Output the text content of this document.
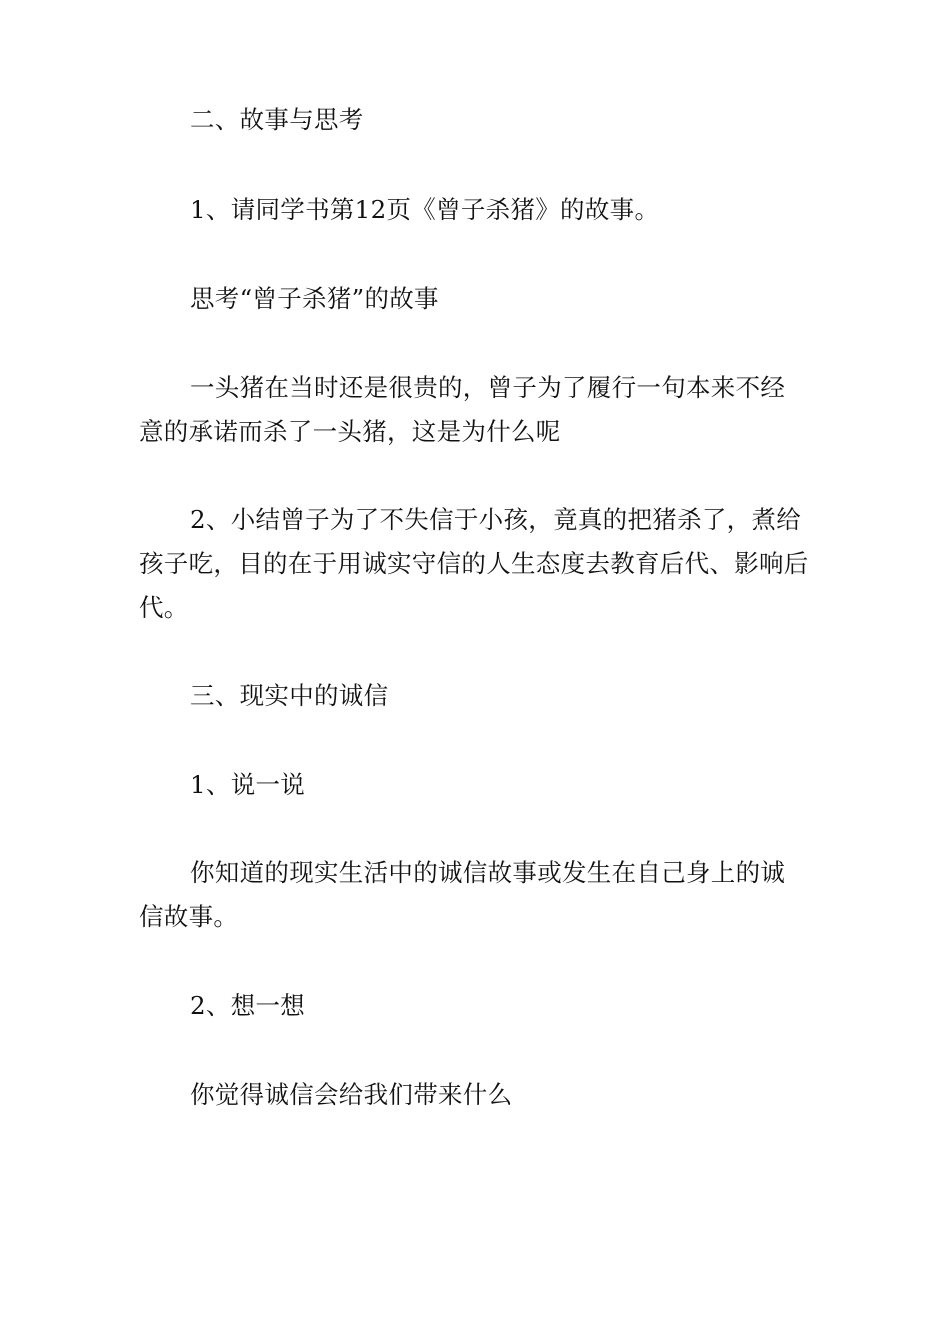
二、故事与思考

1、请同学书第12页《曾子杀猪》的故事。

思考“曾子杀猪”的故事

一头猪在当时还是很贵的，曾子为了履行一句本来不经意的承诺而杀了一头猪，这是为什么呢

2、小结曾子为了不失信于小孩，竟真的把猪杀了，煮给孩子吃，目的在于用诚实守信的人生态度去教育后代、影响后代。

三、现实中的诚信

1、说一说

你知道的现实生活中的诚信故事或发生在自己身上的诚信故事。

2、想一想

你觉得诚信会给我们带来什么
